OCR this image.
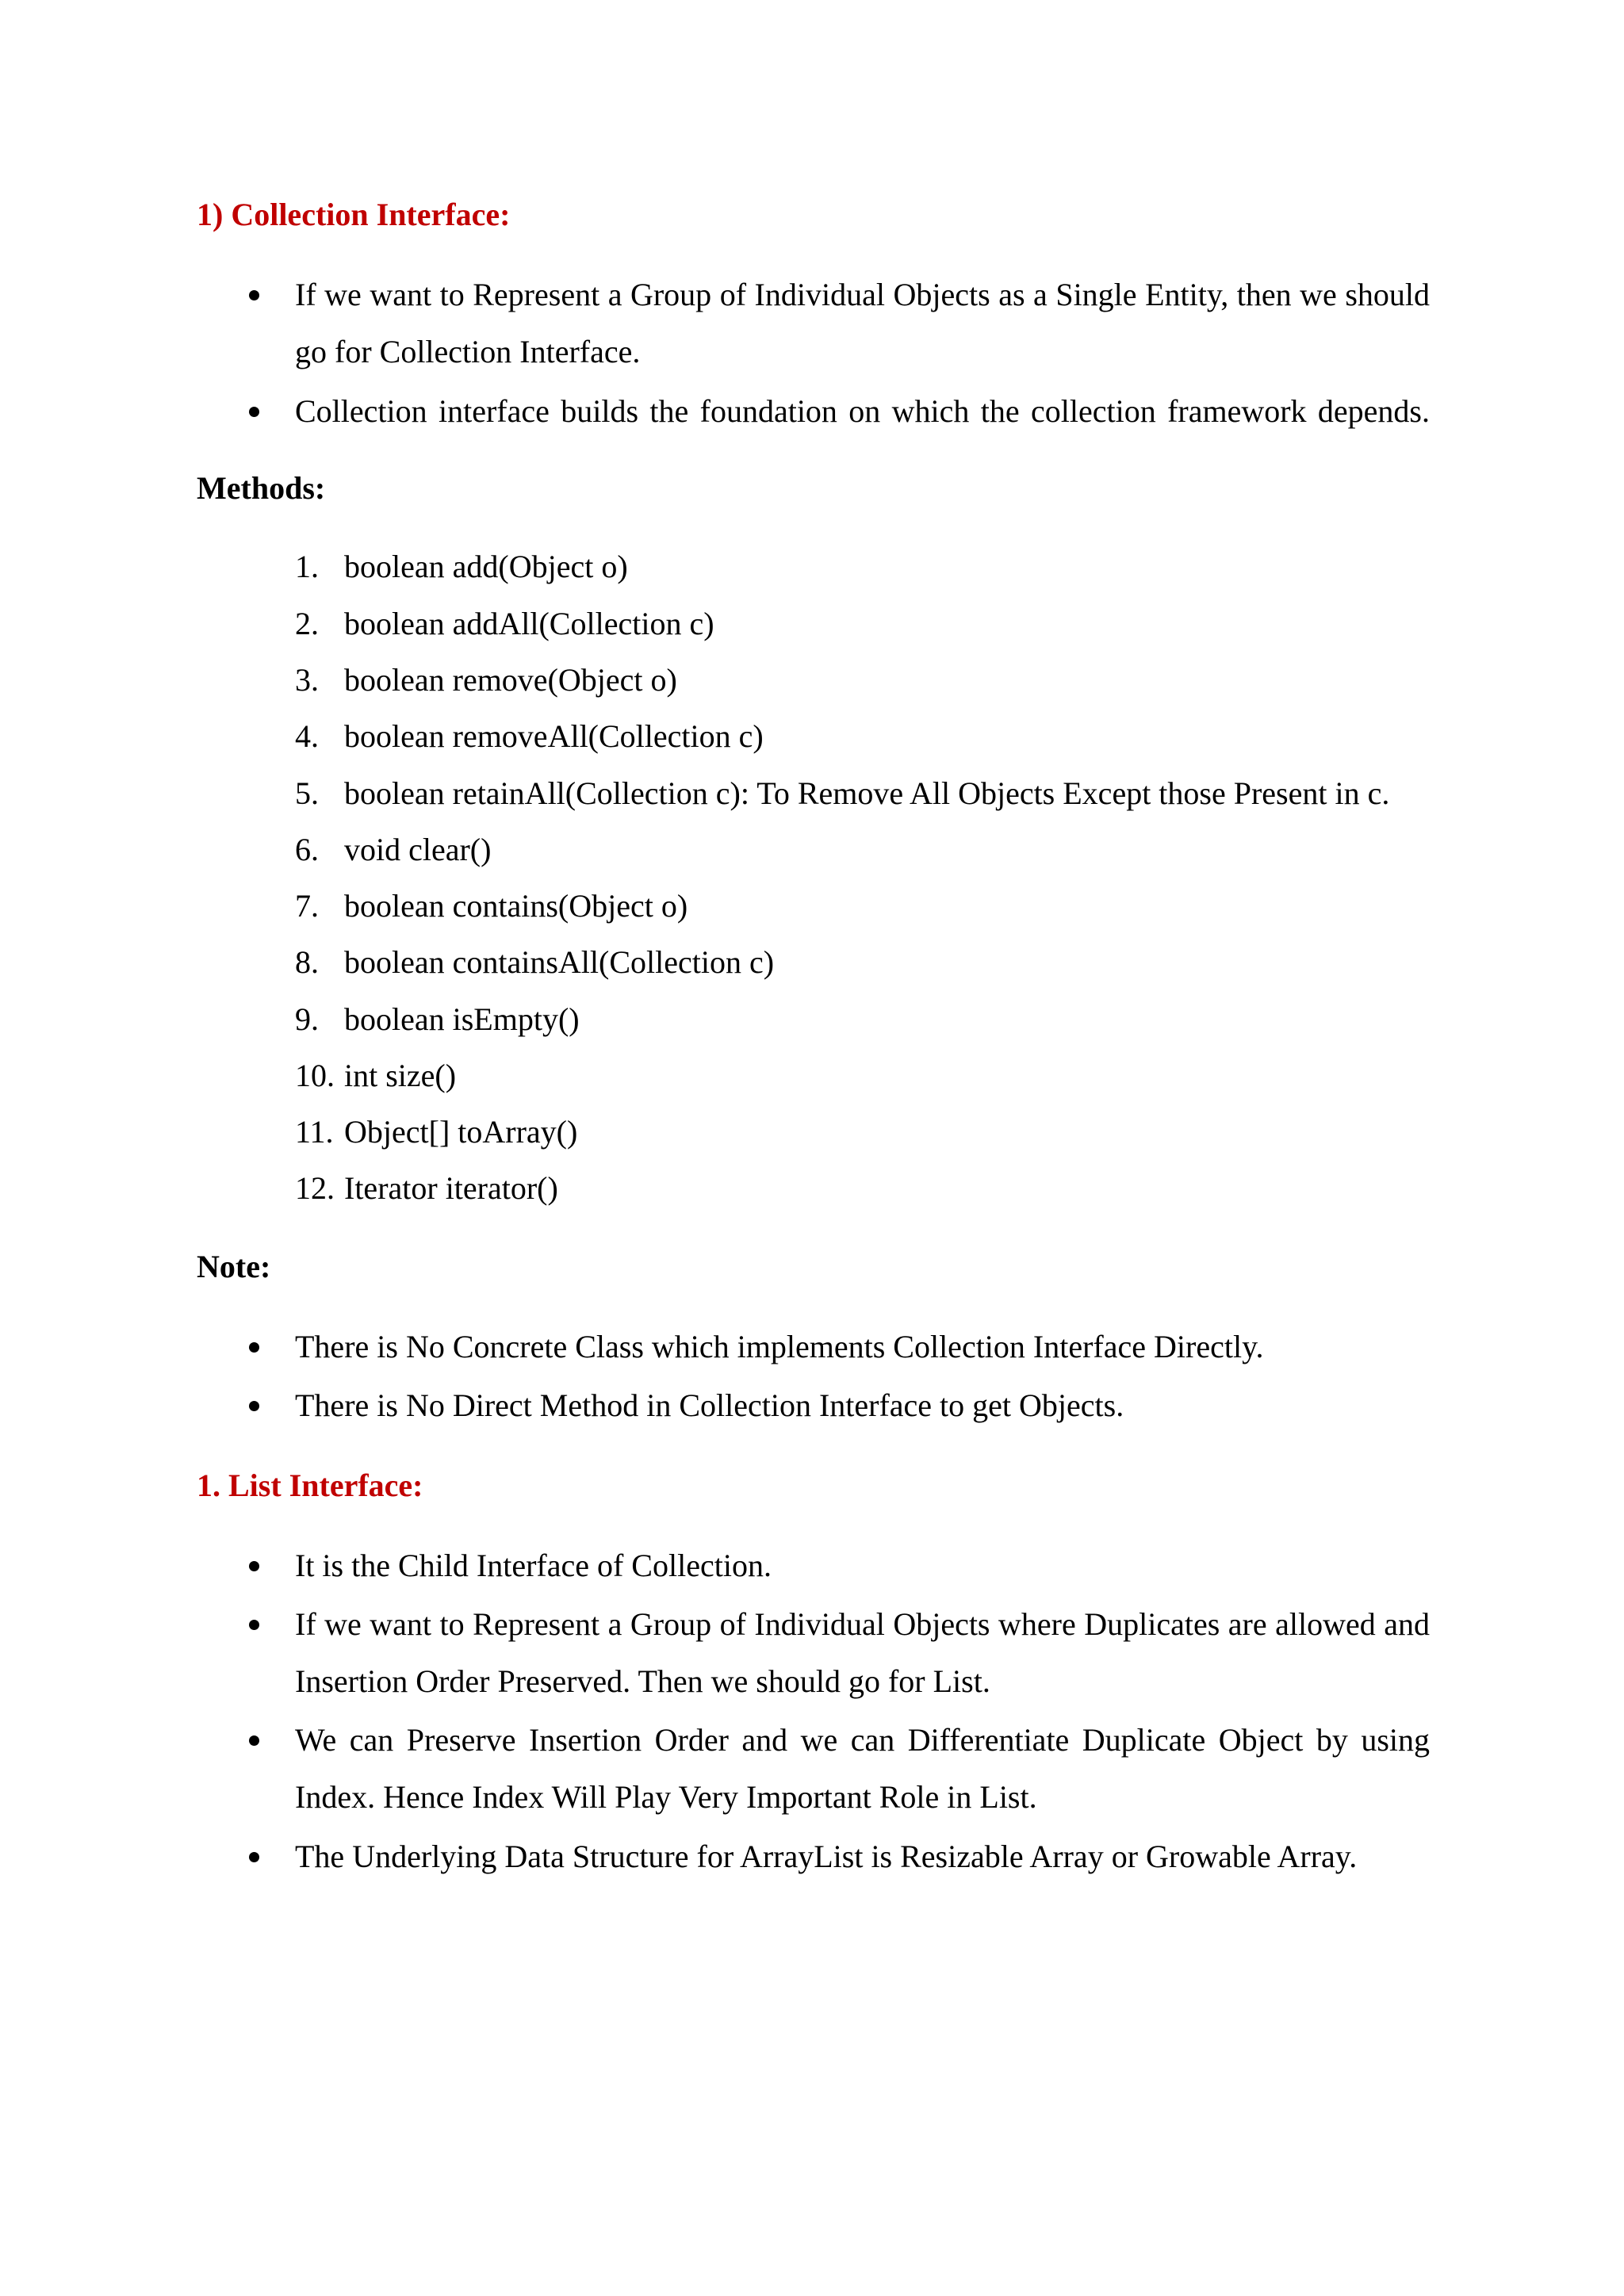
1) Collection Interface:
If we want to Represent a Group of Individual Objects as a Single Entity, then we should go for Collection Interface.
Collection interface builds the foundation on which the collection framework depends.
Methods:
1. boolean add(Object o)
2. boolean addAll(Collection c)
3. boolean remove(Object o)
4. boolean removeAll(Collection c)
5. boolean retainAll(Collection c): To Remove All Objects Except those Present in c.
6. void clear()
7. boolean contains(Object o)
8. boolean containsAll(Collection c)
9. boolean isEmpty()
10. int size()
11. Object[] toArray()
12. Iterator iterator()
Note:
There is No Concrete Class which implements Collection Interface Directly.
There is No Direct Method in Collection Interface to get Objects.
1. List Interface:
It is the Child Interface of Collection.
If we want to Represent a Group of Individual Objects where Duplicates are allowed and Insertion Order Preserved. Then we should go for List.
We can Preserve Insertion Order and we can Differentiate Duplicate Object by using Index. Hence Index Will Play Very Important Role in List.
The Underlying Data Structure for ArrayList is Resizable Array or Growable Array.
